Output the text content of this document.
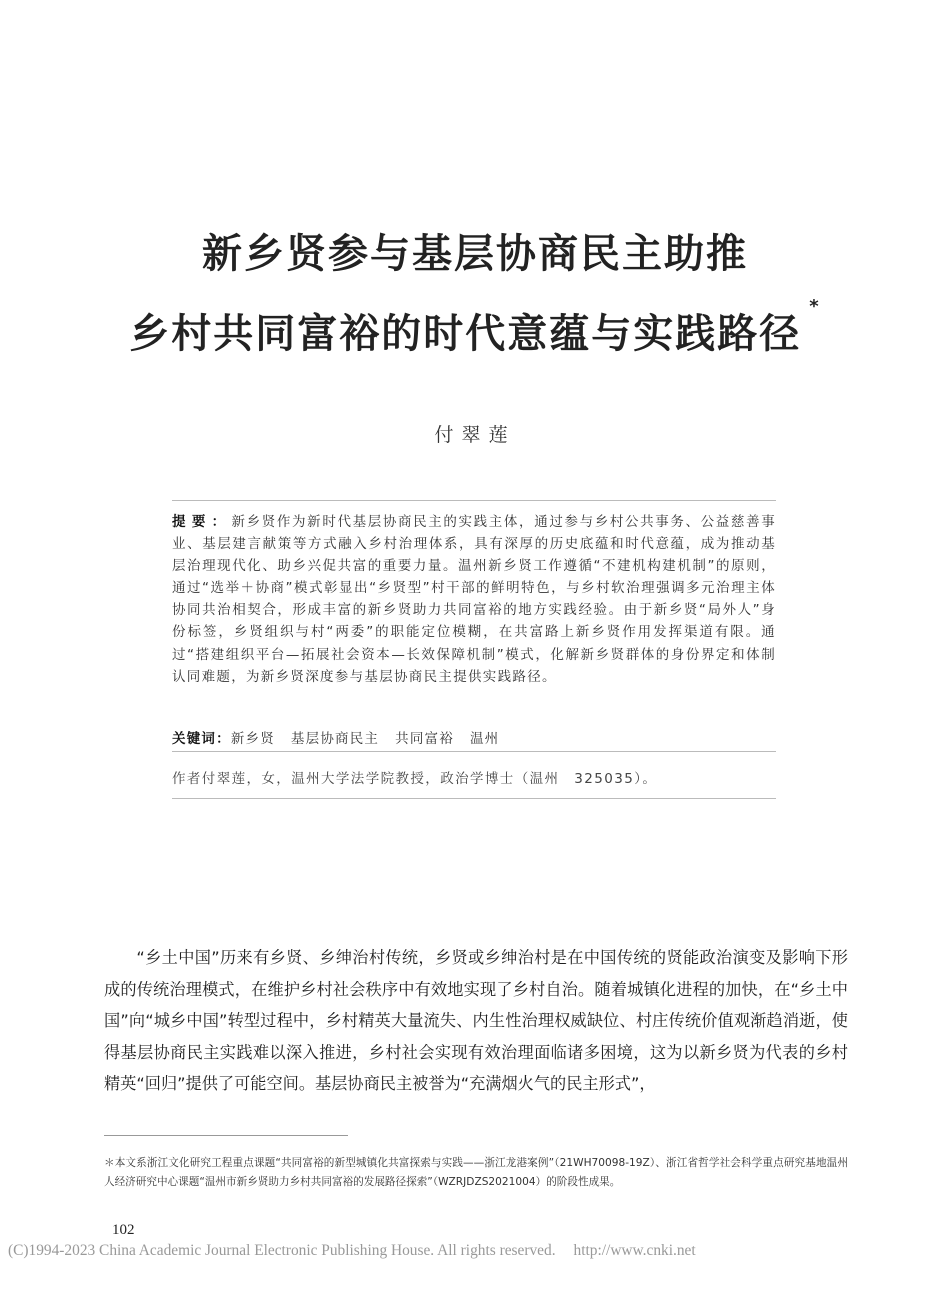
新乡贤参与基层协商民主助推
乡村共同富裕的时代意蕴与实践路径*
付翠莲
提要：新乡贤作为新时代基层协商民主的实践主体，通过参与乡村公共事务、公益慈善事业、基层建言献策等方式融入乡村治理体系，具有深厚的历史底蕴和时代意蕴，成为推动基层治理现代化、助乡兴促共富的重要力量。温州新乡贤工作遵循“不建机构建机制”的原则，通过“选举＋协商”模式彰显出“乡贤型”村干部的鲜明特色，与乡村软治理强调多元治理主体协同共治相契合，形成丰富的新乡贤助力共同富裕的地方实践经验。由于新乡贤“局外人”身份标签，乡贤组织与村“两委”的职能定位模糊，在共富路上新乡贤作用发挥渠道有限。通过“搭建组织平台—拓展社会资本—长效保障机制”模式，化解新乡贤群体的身份界定和体制认同难题，为新乡贤深度参与基层协商民主提供实践路径。
关键词：新乡贤 基层协商民主 共同富裕 温州
作者付翠莲，女，温州大学法学院教授，政治学博士（温州　325035）。

“乡土中国”历来有乡贤、乡绅治村传统，乡贤或乡绅治村是在中国传统的贤能政治演变及影响下形成的传统治理模式，在维护乡村社会秩序中有效地实现了乡村自治。随着城镇化进程的加快，在“乡土中国”向“城乡中国”转型过程中，乡村精英大量流失、内生性治理权威缺位、村庄传统价值观渐趋消逝，使得基层协商民主实践难以深入推进，乡村社会实现有效治理面临诸多困境，这为以新乡贤为代表的乡村精英“回归”提供了可能空间。基层协商民主被誉为“充满烟火气的民主形式”，

＊本文系浙江文化研究工程重点课题“共同富裕的新型城镇化共富探索与实践——浙江龙港案例”（21WH70098-19Z）、浙江省哲学社会科学重点研究基地温州人经济研究中心课题“温州市新乡贤助力乡村共同富裕的发展路径探索”（WZRJDZS2021004）的阶段性成果。
102
(C)1994-2023 China Academic Journal Electronic Publishing House. All rights reserved. http://www.cnki.net
